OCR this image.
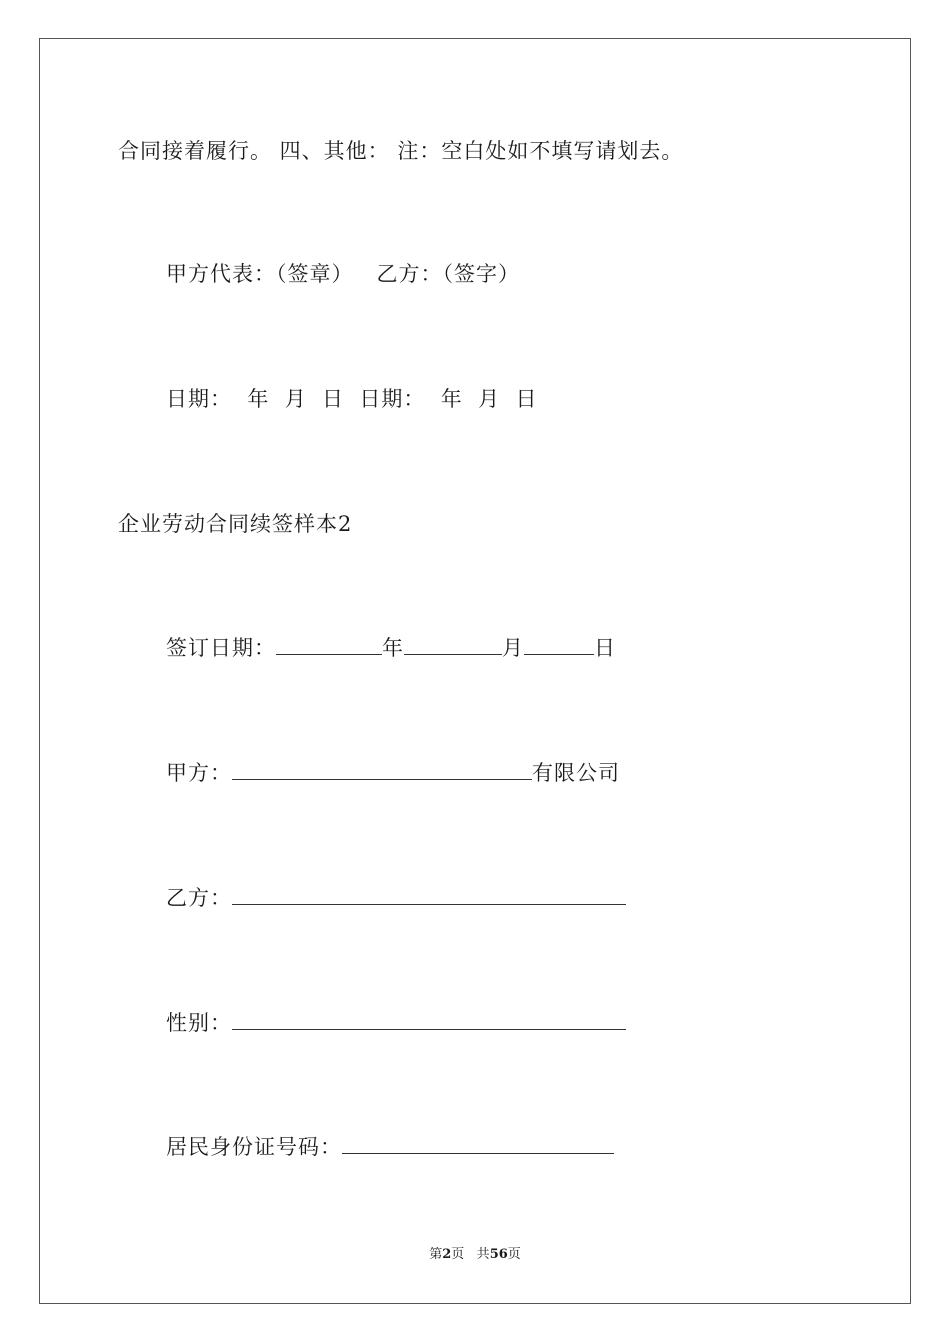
合同接着履行。 四、其他： 注：空白处如不填写请划去。
甲方代表：（签章）   乙方：（签字）
日期：  年  月  日  日期：  年  月  日
企业劳动合同续签样本2
签订日期：	年	月	日
甲方：	有限公司
乙方：
性别：
居民身份证号码：
第2页 共56页
